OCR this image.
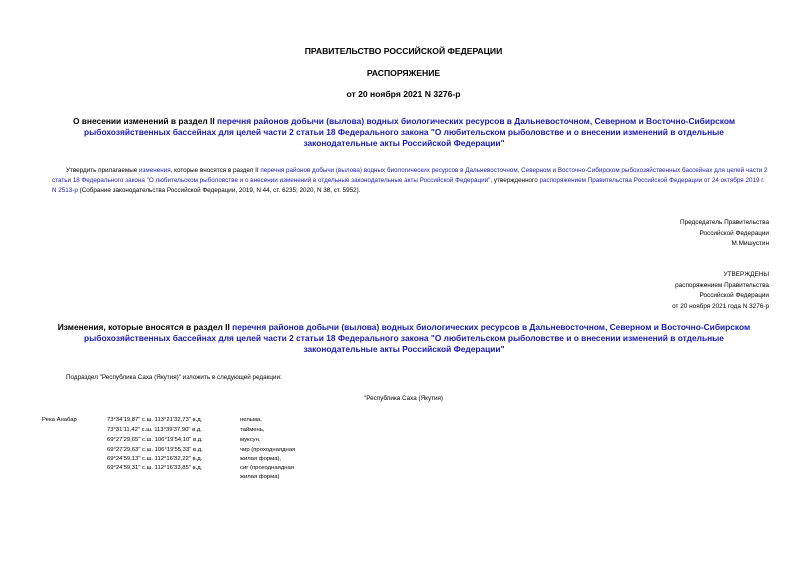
ПРАВИТЕЛЬСТВО РОССИЙСКОЙ ФЕДЕРАЦИИ
РАСПОРЯЖЕНИЕ
от 20 ноября 2021 N 3276-р
О внесении изменений в раздел II перечня районов добычи (вылова) водных биологических ресурсов в Дальневосточном, Северном и Восточно-Сибирском рыбохозяйственных бассейнах для целей части 2 статьи 18 Федерального закона "О любительском рыболовстве и о внесении изменений в отдельные законодательные акты Российской Федерации"
Утвердить прилагаемые изменения, которые вносятся в раздел II перечня районов добычи (вылова) водных биологических ресурсов в Дальневосточном, Северном и Восточно-Сибирском рыбохозяйственных бассейнах для целей части 2 статьи 18 Федерального закона "О любительском рыболовстве и о внесении изменений в отдельные законодательные акты Российской Федерации", утвержденного распоряжением Правительства Российской Федерации от 24 октября 2019 г. N 2513-р (Собрание законодательства Российской Федерации, 2019, N 44, ст. 6235; 2020, N 38, ст. 5952).
Председатель Правительства
Российской Федерации
М.Мишустин
УТВЕРЖДЕНЫ
распоряжением Правительства
Российской Федерации
от 20 ноября 2021 года N 3276-р
Изменения, которые вносятся в раздел II перечня районов добычи (вылова) водных биологических ресурсов в Дальневосточном, Северном и Восточно-Сибирском рыбохозяйственных бассейнах для целей части 2 статьи 18 Федерального закона "О любительском рыболовстве и о внесении изменений в отдельные законодательные акты Российской Федерации"
Подраздел "Республика Саха (Якутия)" изложить в следующей редакции:
"Республика Саха (Якутия)
Река Анабар	73°34'19,87" с.ш. 113°21'32,73" в.д.
73°31'11,42" с.ш. 113°39'37,90" в.д.
69°27'29,65" с.ш. 106°19'54,10" в.д.
69°27'29,63" с.ш. 106°19'55,33" в.д.
69°24'59,13" с.ш. 112°16'32,22" в.д.
69°24'59,31" с.ш. 112°16'33,85" в.д.
нельма,
таймень,
муксун,
чир (проходнаядная
жилая форма),
сиг (проходнаядная
жилая форма)
